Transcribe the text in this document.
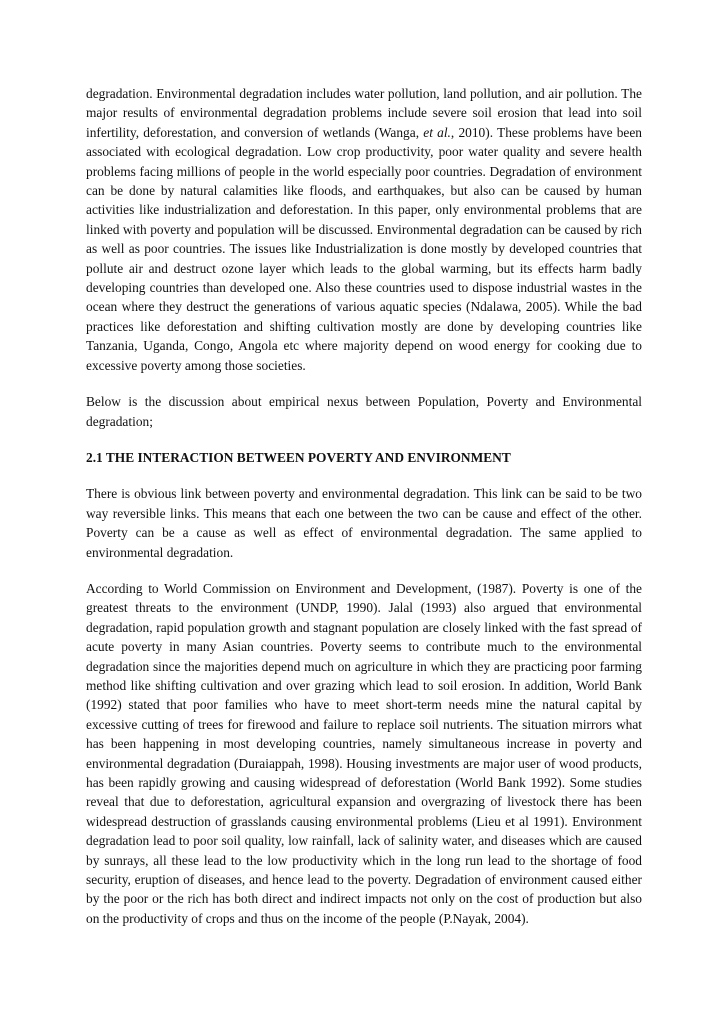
degradation. Environmental degradation includes water pollution, land pollution, and air pollution. The major results of environmental degradation problems include severe soil erosion that lead into soil infertility, deforestation, and conversion of wetlands (Wanga, et al., 2010). These problems have been associated with ecological degradation. Low crop productivity, poor water quality and severe health problems facing millions of people in the world especially poor countries. Degradation of environment can be done by natural calamities like floods, and earthquakes, but also can be caused by human activities like industrialization and deforestation. In this paper, only environmental problems that are linked with poverty and population will be discussed. Environmental degradation can be caused by rich as well as poor countries. The issues like Industrialization is done mostly by developed countries that pollute air and destruct ozone layer which leads to the global warming, but its effects harm badly developing countries than developed one. Also these countries used to dispose industrial wastes in the ocean where they destruct the generations of various aquatic species (Ndalawa, 2005). While the bad practices like deforestation and shifting cultivation mostly are done by developing countries like Tanzania, Uganda, Congo, Angola etc where majority depend on wood energy for cooking due to excessive poverty among those societies.

Below is the discussion about empirical nexus between Population, Poverty and Environmental degradation;

2.1 THE INTERACTION BETWEEN POVERTY AND ENVIRONMENT

There is obvious link between poverty and environmental degradation. This link can be said to be two way reversible links. This means that each one between the two can be cause and effect of the other. Poverty can be a cause as well as effect of environmental degradation. The same applied to environmental degradation.

According to World Commission on Environment and Development, (1987). Poverty is one of the greatest threats to the environment (UNDP, 1990). Jalal (1993) also argued that environmental degradation, rapid population growth and stagnant population are closely linked with the fast spread of acute poverty in many Asian countries. Poverty seems to contribute much to the environmental degradation since the majorities depend much on agriculture in which they are practicing poor farming method like shifting cultivation and over grazing which lead to soil erosion. In addition, World Bank (1992) stated that poor families who have to meet short-term needs mine the natural capital by excessive cutting of trees for firewood and failure to replace soil nutrients. The situation mirrors what has been happening in most developing countries, namely simultaneous increase in poverty and environmental degradation (Duraiappah, 1998). Housing investments are major user of wood products, has been rapidly growing and causing widespread of deforestation (World Bank 1992). Some studies reveal that due to deforestation, agricultural expansion and overgrazing of livestock there has been widespread destruction of grasslands causing environmental problems (Lieu et al 1991). Environment degradation lead to poor soil quality, low rainfall, lack of salinity water, and diseases which are caused by sunrays, all these lead to the low productivity which in the long run lead to the shortage of food security, eruption of diseases, and hence lead to the poverty. Degradation of environment caused either by the poor or the rich has both direct and indirect impacts not only on the cost of production but also on the productivity of crops and thus on the income of the people (P.Nayak, 2004).
